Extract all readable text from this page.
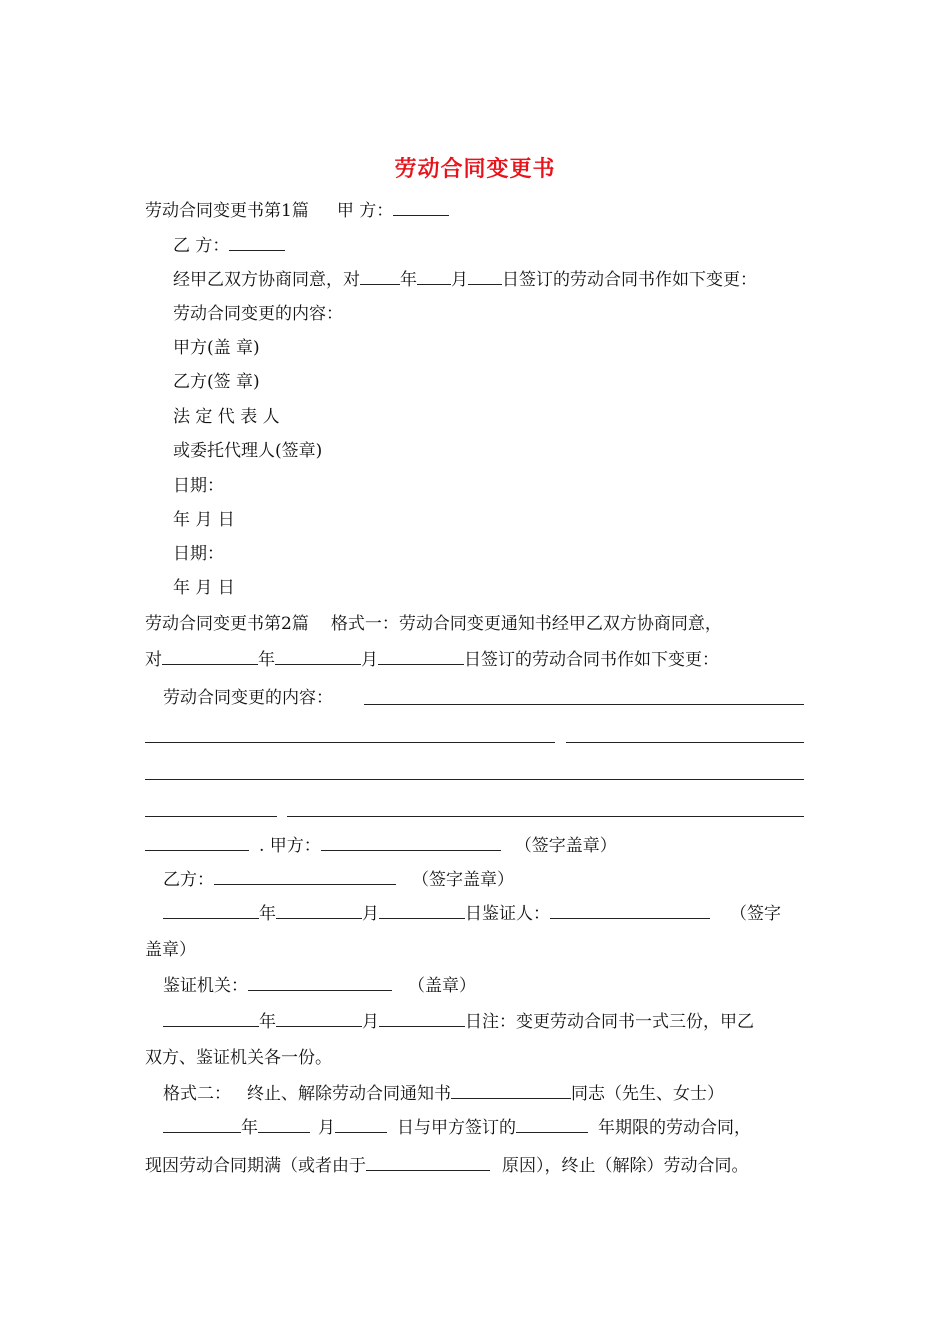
劳动合同变更书
劳动合同变更书第1篇 甲 方：
乙 方：
经甲乙双方协商同意，对 年 月 日签订的劳动合同书作如下变更：
劳动合同变更的内容：
甲方(盖 章)
乙方(签 章)
法 定 代 表 人
或委托代理人(签章)
日期：
年 月 日
日期：
年 月 日
劳动合同变更书第2篇 格式一：劳动合同变更通知书经甲乙双方协商同意，
对	年	月	日签订的劳动合同书作如下变更：
劳动合同变更的内容：
. 甲方：	（签字盖章）
乙方：	（签字盖章）
年	月	日鉴证人：	（签字
盖章）
鉴证机关：	（盖章）
年	月	日注：变更劳动合同书一式三份，甲乙
双方、鉴证机关各一份。
格式二： 终止、解除劳动合同通知书	同志（先生、女士）
年	月	日与甲方签订的	年期限的劳动合同，
现因劳动合同期满（或者由于	原因），终止（解除）劳动合同。
